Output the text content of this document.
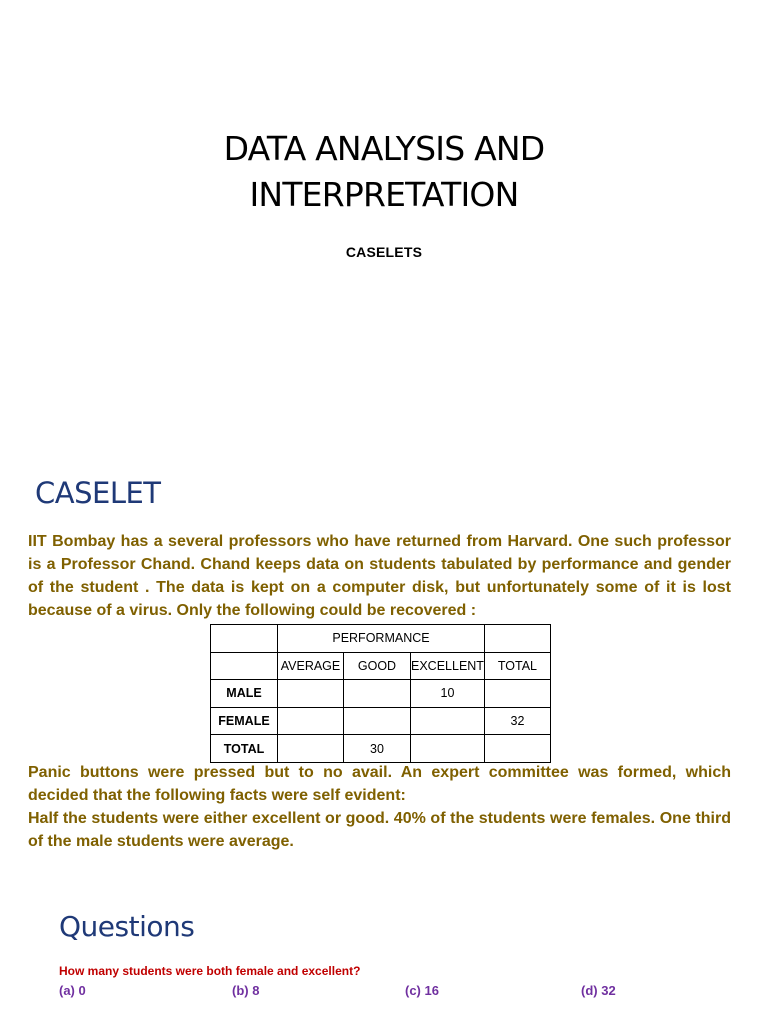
DATA ANALYSIS AND
INTERPRETATION
CASELETS
CASELET

IIT Bombay has a several professors who have returned from Harvard. One such professor is a Professor Chand. Chand keeps data on students tabulated by performance and gender of the student . The data is kept on a computer disk, but unfortunately some of it is lost because of a virus. Only the following could be recovered :

	PERFORMANCE			
	AVERAGE	GOOD	EXCELLENT	TOTAL
MALE			10	
FEMALE				32
TOTAL		30		

Panic buttons were pressed but to no avail. An expert committee was formed, which decided that the following facts were self evident:

Half the students were either excellent or good. 40% of the students were females. One third of the male students were average.

Questions
How many students were both female and excellent?
(a) 0	(b) 8	(c) 16	(d) 32
